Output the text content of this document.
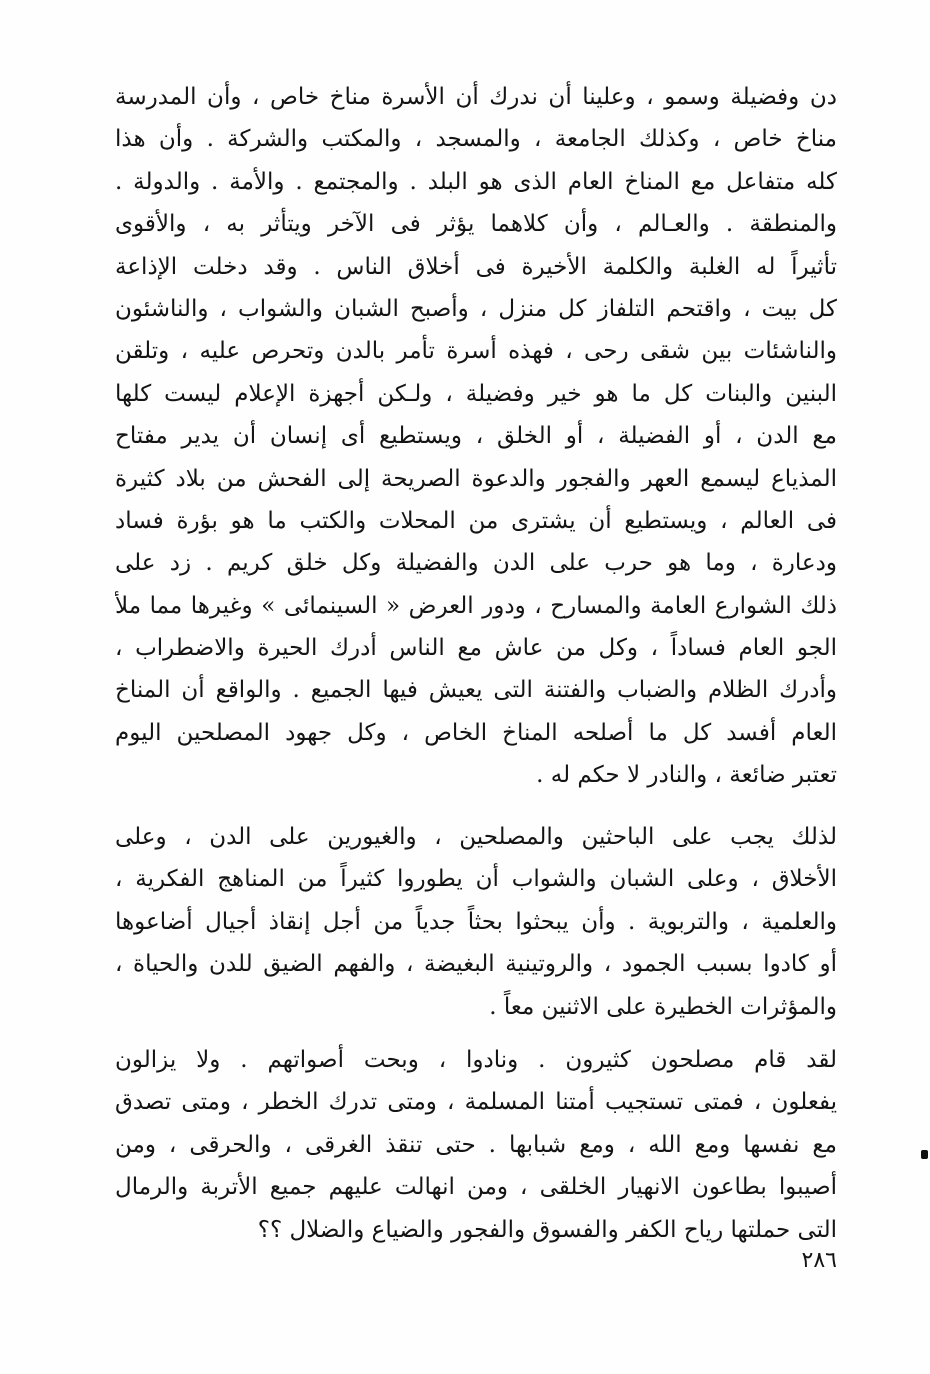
دن وفضيلة وسمو ، وعلينا أن ندرك أن الأسرة مناخ خاص ، وأن المدرسة
مناخ خاص ، وكذلك الجامعة ، والمسجد ، والمكتب والشركة . وأن هذا
كله متفاعل مع المناخ العام الذى هو البلد . والمجتمع . والأمة . والدولة .
والمنطقة . والعـالم ، وأن كلاهما يؤثر فى الآخر ويتأثر به ، والأقوى
تأثيراً له الغلبة والكلمة الأخيرة فى أخلاق الناس . وقد دخلت الإذاعة
كل بيت ، واقتحم التلفاز كل منزل ، وأصبح الشبان والشواب ، والناشئون
والناشئات بين شقى رحى ، فهذه أسرة تأمر بالدن وتحرص عليه ، وتلقن
البنين والبنات كل ما هو خير وفضيلة ، ولـكن أجهزة الإعلام ليست كلها
مع الدن ، أو الفضيلة ، أو الخلق ، ويستطيع أى إنسان أن يدير مفتاح
المذياع ليسمع العهر والفجور والدعوة الصريحة إلى الفحش من بلاد كثيرة
فى العالم ، ويستطيع أن يشترى من المحلات والكتب ما هو بؤرة فساد
ودعارة ، وما هو حرب على الدن والفضيلة وكل خلق كريم . زد على
ذلك الشوارع العامة والمسارح ، ودور العرض « السينمائى » وغيرها مما ملأ
الجو العام فساداً ، وكل من عاش مع الناس أدرك الحيرة والاضطراب ،
وأدرك الظلام والضباب والفتنة التى يعيش فيها الجميع . والواقع أن المناخ
العام أفسد كل ما أصلحه المناخ الخاص ، وكل جهود المصلحين اليوم
تعتبر ضائعة ، والنادر لا حكم له .
لذلك يجب على الباحثين والمصلحين ، والغيورين على الدن ، وعلى
الأخلاق ، وعلى الشبان والشواب أن يطوروا كثيراً من المناهج الفكرية ،
والعلمية ، والتربوية . وأن يبحثوا بحثاً جدياً من أجل إنقاذ أجيال أضاعوها
أو كادوا بسبب الجمود ، والروتينية البغيضة ، والفهم الضيق للدن والحياة ،
والمؤثرات الخطيرة على الاثنين معاً .
لقد قام مصلحون كثيرون . ونادوا ، وبحت أصواتهم . ولا يزالون
يفعلون ، فمتى تستجيب أمتنا المسلمة ، ومتى تدرك الخطر ، ومتى تصدق
مع نفسها ومع الله ، ومع شبابها . حتى تنقذ الغرقى ، والحرقى ، ومن
أصيبوا بطاعون الانهيار الخلقى ، ومن انهالت عليهم جميع الأتربة والرمال
التى حملتها رياح الكفر والفسوق والفجور والضياع والضلال ؟؟
٢٨٦
